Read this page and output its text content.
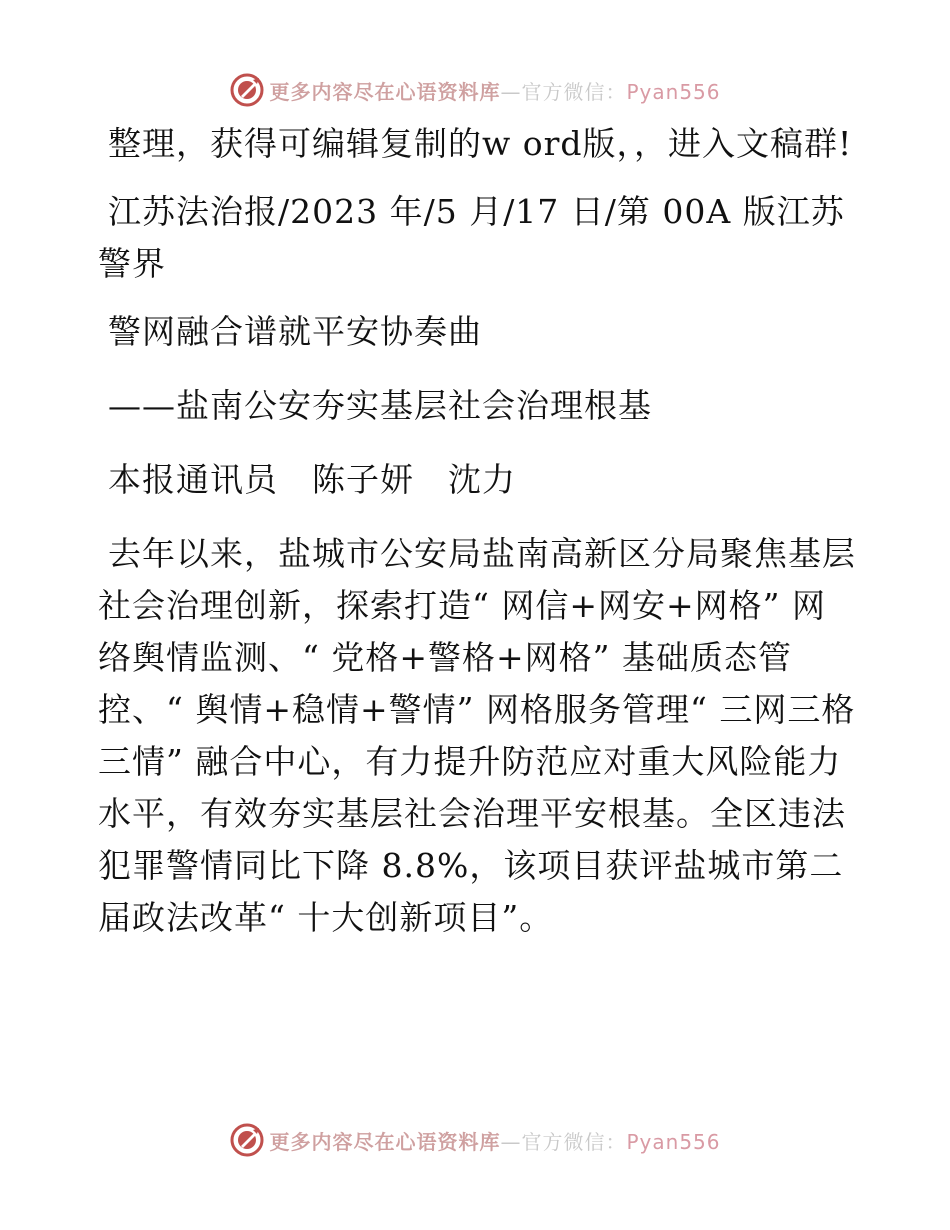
更多内容尽在心语资料库—官方微信：Pyan556

整理，获得可编辑复制的w ord版，，进入文稿群!

江苏法治报/2023 年/5 月/17 日/第 00A 版江苏警界

警网融合谱就平安协奏曲

——盐南公安夯实基层社会治理根基

本报通讯员　陈子妍　沈力

去年以来，盐城市公安局盐南高新区分局聚焦基层社会治理创新，探索打造“ 网信+网安+网格” 网络舆情监测、“ 党格+警格+网格” 基础质态管控、“ 舆情+稳情+警情” 网格服务管理“ 三网三格三情” 融合中心，有力提升防范应对重大风险能力水平，有效夯实基层社会治理平安根基。全区违法犯罪警情同比下降 8.8%，该项目获评盐城市第二届政法改革“ 十大创新项目”。

更多内容尽在心语资料库—官方微信：Pyan556
